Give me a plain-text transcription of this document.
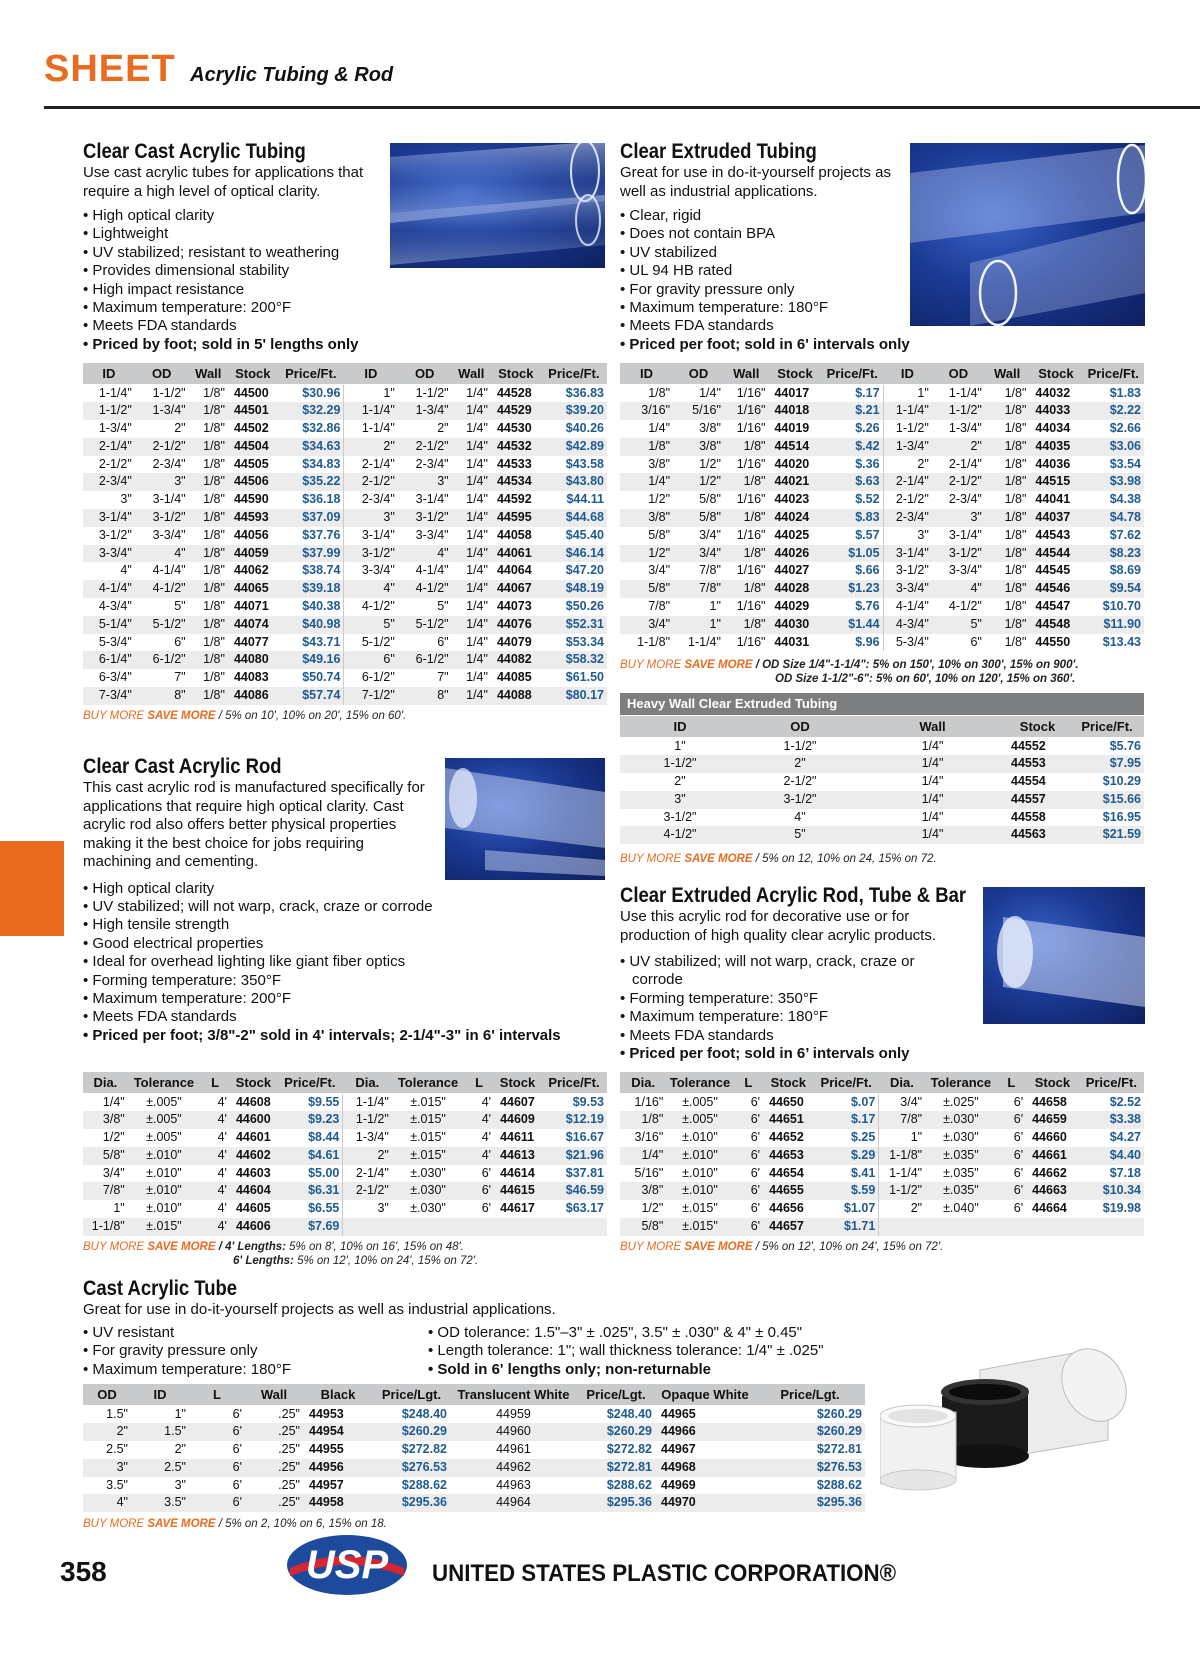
SHEET Acrylic Tubing & Rod
Clear Cast Acrylic Tubing
Use cast acrylic tubes for applications that require a high level of optical clarity.
• High optical clarity
• Lightweight
• UV stabilized; resistant to weathering
• Provides dimensional stability
• High impact resistance
• Maximum temperature: 200°F
• Meets FDA standards
• Priced by foot; sold in 5' lengths only
ID	OD	Wall	Stock	Price/Ft.	ID	OD	Wall	Stock	Price/Ft.
1-1/4"	1-1/2"	1/8"	44500	$30.96	1"	1-1/2"	1/4"	44528	$36.83
1-1/2"	1-3/4"	1/8"	44501	$32.29	1-1/4"	1-3/4"	1/4"	44529	$39.20
1-3/4"	2"	1/8"	44502	$32.86	1-1/4"	2"	1/4"	44530	$40.26
2-1/4"	2-1/2"	1/8"	44504	$34.63	2"	2-1/2"	1/4"	44532	$42.89
2-1/2"	2-3/4"	1/8"	44505	$34.83	2-1/4"	2-3/4"	1/4"	44533	$43.58
2-3/4"	3"	1/8"	44506	$35.22	2-1/2"	3"	1/4"	44534	$43.80
3"	3-1/4"	1/8"	44590	$36.18	2-3/4"	3-1/4"	1/4"	44592	$44.11
3-1/4"	3-1/2"	1/8"	44593	$37.09	3"	3-1/2"	1/4"	44595	$44.68
3-1/2"	3-3/4"	1/8"	44056	$37.76	3-1/4"	3-3/4"	1/4"	44058	$45.40
3-3/4"	4"	1/8"	44059	$37.99	3-1/2"	4"	1/4"	44061	$46.14
4"	4-1/4"	1/8"	44062	$38.74	3-3/4"	4-1/4"	1/4"	44064	$47.20
4-1/4"	4-1/2"	1/8"	44065	$39.18	4"	4-1/2"	1/4"	44067	$48.19
4-3/4"	5"	1/8"	44071	$40.38	4-1/2"	5"	1/4"	44073	$50.26
5-1/4"	5-1/2"	1/8"	44074	$40.98	5"	5-1/2"	1/4"	44076	$52.31
5-3/4"	6"	1/8"	44077	$43.71	5-1/2"	6"	1/4"	44079	$53.34
6-1/4"	6-1/2"	1/8"	44080	$49.16	6"	6-1/2"	1/4"	44082	$58.32
6-3/4"	7"	1/8"	44083	$50.74	6-1/2"	7"	1/4"	44085	$61.50
7-3/4"	8"	1/8"	44086	$57.74	7-1/2"	8"	1/4"	44088	$80.17
BUY MORE SAVE MORE / 5% on 10', 10% on 20', 15% on 60'.
Clear Extruded Tubing
Great for use in do-it-yourself projects as well as industrial applications.
• Clear, rigid
• Does not contain BPA
• UV stabilized
• UL 94 HB rated
• For gravity pressure only
• Maximum temperature: 180°F
• Meets FDA standards
• Priced per foot; sold in 6' intervals only
ID	OD	Wall	Stock	Price/Ft.	ID	OD	Wall	Stock	Price/Ft.
1/8"	1/4"	1/16"	44017	$.17	1"	1-1/4"	1/8"	44032	$1.83
3/16"	5/16"	1/16"	44018	$.21	1-1/4"	1-1/2"	1/8"	44033	$2.22
1/4"	3/8"	1/16"	44019	$.26	1-1/2"	1-3/4"	1/8"	44034	$2.66
1/8"	3/8"	1/8"	44514	$.42	1-3/4"	2"	1/8"	44035	$3.06
3/8"	1/2"	1/16"	44020	$.36	2"	2-1/4"	1/8"	44036	$3.54
1/4"	1/2"	1/8"	44021	$.63	2-1/4"	2-1/2"	1/8"	44515	$3.98
1/2"	5/8"	1/16"	44023	$.52	2-1/2"	2-3/4"	1/8"	44041	$4.38
3/8"	5/8"	1/8"	44024	$.83	2-3/4"	3"	1/8"	44037	$4.78
5/8"	3/4"	1/16"	44025	$.57	3"	3-1/4"	1/8"	44543	$7.62
1/2"	3/4"	1/8"	44026	$1.05	3-1/4"	3-1/2"	1/8"	44544	$8.23
3/4"	7/8"	1/16"	44027	$.66	3-1/2"	3-3/4"	1/8"	44545	$8.69
5/8"	7/8"	1/8"	44028	$1.23	3-3/4"	4"	1/8"	44546	$9.54
7/8"	1"	1/16"	44029	$.76	4-1/4"	4-1/2"	1/8"	44547	$10.70
3/4"	1"	1/8"	44030	$1.44	4-3/4"	5"	1/8"	44548	$11.90
1-1/8"	1-1/4"	1/16"	44031	$.96	5-3/4"	6"	1/8"	44550	$13.43
BUY MORE SAVE MORE / OD Size 1/4"-1-1/4": 5% on 150', 10% on 300', 15% on 900'.
OD Size 1-1/2"-6": 5% on 60', 10% on 120', 15% on 360'.
Heavy Wall Clear Extruded Tubing
ID	OD	Wall	Stock	Price/Ft.
1"	1-1/2"	1/4"	44552	$5.76
1-1/2"	2"	1/4"	44553	$7.95
2"	2-1/2"	1/4"	44554	$10.29
3"	3-1/2"	1/4"	44557	$15.66
3-1/2"	4"	1/4"	44558	$16.95
4-1/2"	5"	1/4"	44563	$21.59
BUY MORE SAVE MORE / 5% on 12, 10% on 24, 15% on 72.
Clear Cast Acrylic Rod
This cast acrylic rod is manufactured specifically for applications that require high optical clarity. Cast acrylic rod also offers better physical properties making it the best choice for jobs requiring machining and cementing.
• High optical clarity
• UV stabilized; will not warp, crack, craze or corrode
• High tensile strength
• Good electrical properties
• Ideal for overhead lighting like giant fiber optics
• Forming temperature: 350°F
• Maximum temperature: 200°F
• Meets FDA standards
• Priced per foot; 3/8"-2" sold in 4' intervals; 2-1/4"-3" in 6' intervals
Dia.	Tolerance	L	Stock	Price/Ft.	Dia.	Tolerance	L	Stock	Price/Ft.
1/4"	±.005"	4'	44608	$9.55	1-1/4"	±.015"	4'	44607	$9.53
3/8"	±.005"	4'	44600	$9.23	1-1/2"	±.015"	4'	44609	$12.19
1/2"	±.005"	4'	44601	$8.44	1-3/4"	±.015"	4'	44611	$16.67
5/8"	±.010"	4'	44602	$4.61	2"	±.015"	4'	44613	$21.96
3/4"	±.010"	4'	44603	$5.00	2-1/4"	±.030"	6'	44614	$37.81
7/8"	±.010"	4'	44604	$6.31	2-1/2"	±.030"	6'	44615	$46.59
1"	±.010"	4'	44605	$6.55	3"	±.030"	6'	44617	$63.17
1-1/8"	±.015"	4'	44606	$7.69					
BUY MORE SAVE MORE / 4' Lengths: 5% on 8', 10% on 16', 15% on 48'.
6' Lengths: 5% on 12', 10% on 24', 15% on 72'.
Clear Extruded Acrylic Rod, Tube & Bar
Use this acrylic rod for decorative use or for production of high quality clear acrylic products.
• UV stabilized; will not warp, crack, craze or corrode
• Forming temperature: 350°F
• Maximum temperature: 180°F
• Meets FDA standards
• Priced per foot; sold in 6’ intervals only
Dia.	Tolerance	L	Stock	Price/Ft.	Dia.	Tolerance	L	Stock	Price/Ft.
1/16"	±.005"	6'	44650	$.07	3/4"	±.025"	6'	44658	$2.52
1/8"	±.005"	6'	44651	$.17	7/8"	±.030"	6'	44659	$3.38
3/16"	±.010"	6'	44652	$.25	1"	±.030"	6'	44660	$4.27
1/4"	±.010"	6'	44653	$.29	1-1/8"	±.035"	6'	44661	$4.40
5/16"	±.010"	6'	44654	$.41	1-1/4"	±.035"	6'	44662	$7.18
3/8"	±.010"	6'	44655	$.59	1-1/2"	±.035"	6'	44663	$10.34
1/2"	±.015"	6'	44656	$1.07	2"	±.040"	6'	44664	$19.98
5/8"	±.015"	6'	44657	$1.71					
BUY MORE SAVE MORE / 5% on 12', 10% on 24', 15% on 72'.
Cast Acrylic Tube
Great for use in do-it-yourself projects as well as industrial applications.
• UV resistant
• For gravity pressure only
• Maximum temperature: 180°F
• OD tolerance: 1.5"–3" ± .025", 3.5" ± .030" & 4" ± 0.45"
• Length tolerance: 1"; wall thickness tolerance: 1/4" ± .025"
• Sold in 6' lengths only; non-returnable
OD	ID	L	Wall	Black	Price/Lgt.	Translucent White	Price/Lgt.	Opaque White	Price/Lgt.
1.5"	1"	6'	.25"	44953	$248.40	44959	$248.40	44965	$260.29
2"	1.5"	6'	.25"	44954	$260.29	44960	$260.29	44966	$260.29
2.5"	2"	6'	.25"	44955	$272.82	44961	$272.82	44967	$272.81
3"	2.5"	6'	.25"	44956	$276.53	44962	$272.81	44968	$276.53
3.5"	3"	6'	.25"	44957	$288.62	44963	$288.62	44969	$288.62
4"	3.5"	6'	.25"	44958	$295.36	44964	$295.36	44970	$295.36
BUY MORE SAVE MORE / 5% on 2, 10% on 6, 15% on 18.
358	USP UNITED STATES PLASTIC CORPORATION®
